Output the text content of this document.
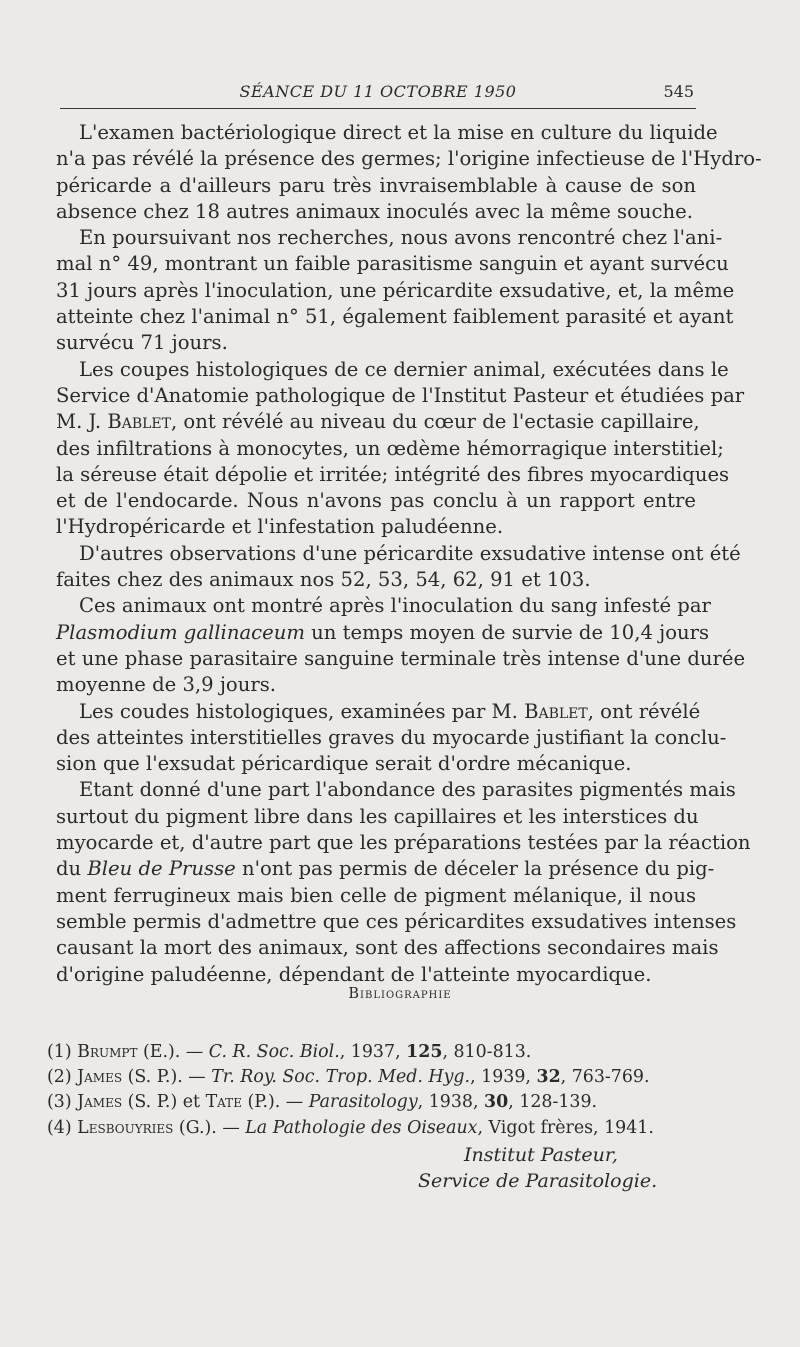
SÉANCE DU 11 OCTOBRE 1950	545
L'examen bactériologique direct et la mise en culture du liquide
n'a pas révélé la présence des germes; l'origine infectieuse de l'Hydro-
péricarde a d'ailleurs paru très invraisemblable à cause de son
absence chez 18 autres animaux inoculés avec la même souche.
En poursuivant nos recherches, nous avons rencontré chez l'ani-
mal n° 49, montrant un faible parasitisme sanguin et ayant survécu
31 jours après l'inoculation, une péricardite exsudative, et, la même
atteinte chez l'animal n° 51, également faiblement parasité et ayant
survécu 71 jours.
Les coupes histologiques de ce dernier animal, exécutées dans le
Service d'Anatomie pathologique de l'Institut Pasteur et étudiées par
M. J. Bablet, ont révélé au niveau du cœur de l'ectasie capillaire,
des infiltrations à monocytes, un œdème hémorragique interstitiel;
la séreuse était dépolie et irritée; intégrité des fibres myocardiques
et de l'endocarde. Nous n'avons pas conclu à un rapport entre
l'Hydropéricarde et l'infestation paludéenne.
D'autres observations d'une péricardite exsudative intense ont été
faites chez des animaux nos 52, 53, 54, 62, 91 et 103.
Ces animaux ont montré après l'inoculation du sang infesté par
Plasmodium gallinaceum un temps moyen de survie de 10,4 jours
et une phase parasitaire sanguine terminale très intense d'une durée
moyenne de 3,9 jours.
Les coudes histologiques, examinées par M. Bablet, ont révélé
des atteintes interstitielles graves du myocarde justifiant la conclu-
sion que l'exsudat péricardique serait d'ordre mécanique.
Etant donné d'une part l'abondance des parasites pigmentés mais
surtout du pigment libre dans les capillaires et les interstices du
myocarde et, d'autre part que les préparations testées par la réaction
du Bleu de Prusse n'ont pas permis de déceler la présence du pig-
ment ferrugineux mais bien celle de pigment mélanique, il nous
semble permis d'admettre que ces péricardites exsudatives intenses
causant la mort des animaux, sont des affections secondaires mais
d'origine paludéenne, dépendant de l'atteinte myocardique.
Bibliographie
(1) Brumpt (E.). — C. R. Soc. Biol., 1937, 125, 810-813.
(2) James (S. P.). — Tr. Roy. Soc. Trop. Med. Hyg., 1939, 32, 763-769.
(3) James (S. P.) et Tate (P.). — Parasitology, 1938, 30, 128-139.
(4) Lesbouyries (G.). — La Pathologie des Oiseaux, Vigot frères, 1941.
Institut Pasteur,
Service de Parasitologie.
